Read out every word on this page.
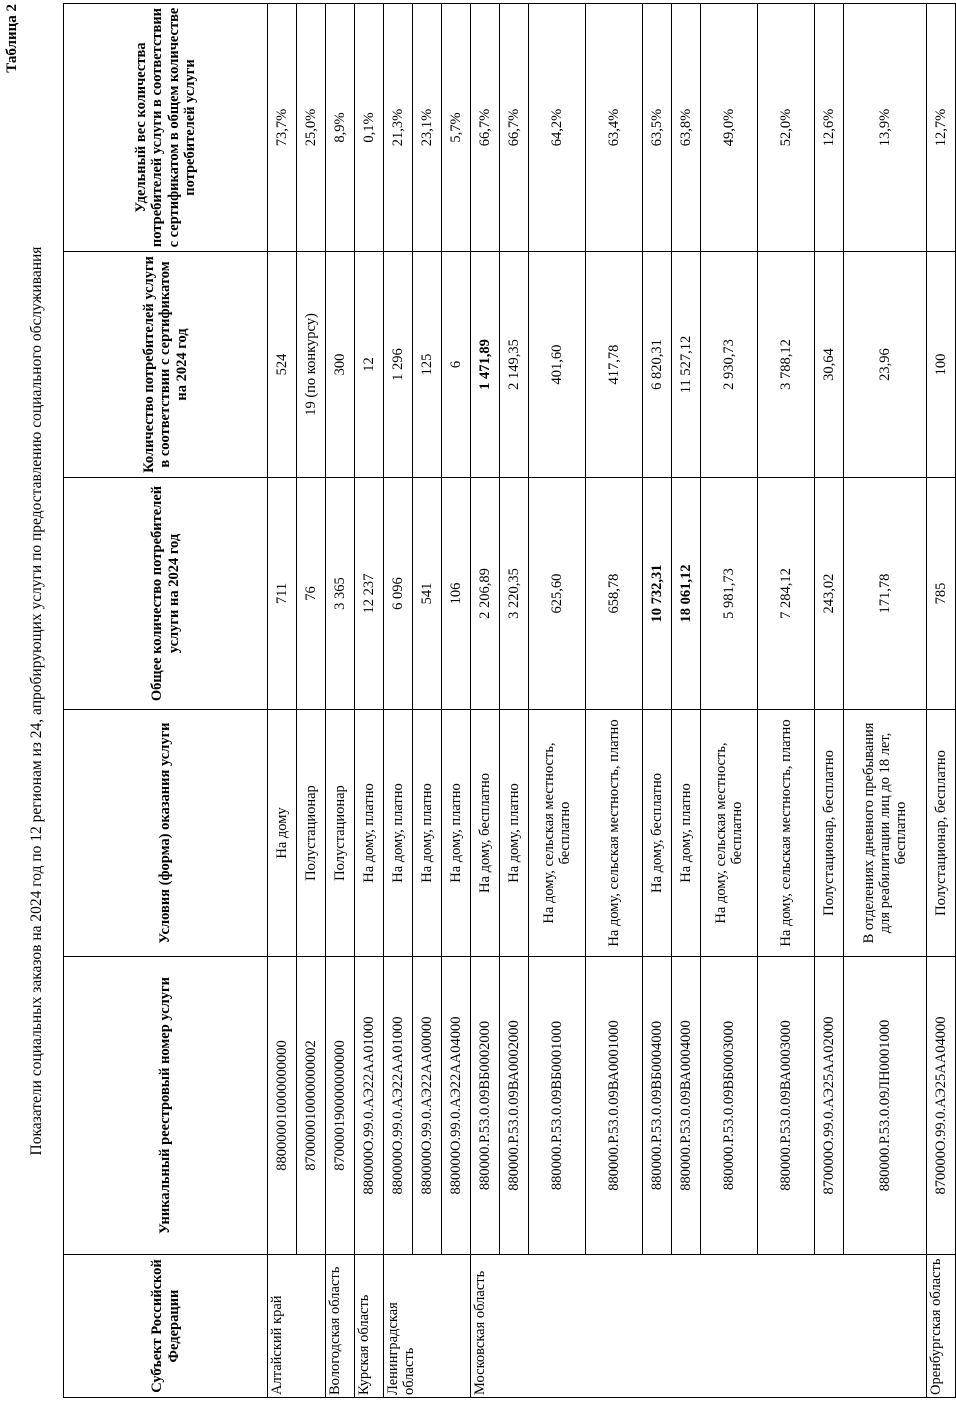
Таблица 2
Показатели социальных заказов на 2024 год по 12 регионам из 24, апробирующих услуги по предоставлению социального обслуживания
Субъект Российской Федерации	Уникальный реестровый номер услуги	Условия (форма) оказания услуги	Общее количество потребителей услуги на 2024 год	Количество потребителей услуги в соответствии с сертификатом на 2024 год	Удельный вес количества потребителей услуги в соответствии с сертификатом в общем количестве потребителей услуги
Алтайский край	880000010000000000	На дому	711	524	73,7%
	870000010000000002	Полустационар	76	19 (по конкурсу)	25,0%
Вологодская область	870000190000000000	Полустационар	3 365	300	8,9%
Курская область	880000О.99.0.АЭ22АА01000	На дому, платно	12 237	12	0,1%
Ленинградская область	880000О.99.0.АЭ22АА01000	На дому, платно	6 096	1 296	21,3%
	880000О.99.0.АЭ22АА00000	На дому, платно	541	125	23,1%
	880000О.99.0.АЭ22АА04000	На дому, платно	106	6	5,7%
Московская область	880000.Р.53.0.09ВБ0002000	На дому, бесплатно	2 206,89	1 471,89	66,7%
	880000.Р.53.0.09ВА0002000	На дому, платно	3 220,35	2 149,35	66,7%
	880000.Р.53.0.09ВБ0001000	На дому, сельская местность, бесплатно	625,60	401,60	64,2%
	880000.Р.53.0.09ВА0001000	На дому, сельская местность, платно	658,78	417,78	63,4%
	880000.Р.53.0.09ВБ0004000	На дому, бесплатно	10 732,31	6 820,31	63,5%
	880000.Р.53.0.09ВА0004000	На дому, платно	18 061,12	11 527,12	63,8%
	880000.Р.53.0.09ВБ0003000	На дому, сельская местность, бесплатно	5 981,73	2 930,73	49,0%
	880000.Р.53.0.09ВА0003000	На дому, сельская местность, платно	7 284,12	3 788,12	52,0%
	870000О.99.0.АЭ25АА02000	Полустационар, бесплатно	243,02	30,64	12,6%
	880000.Р.53.0.09ЛН0001000	В отделениях дневного пребывания для реабилитации лиц до 18 лет, бесплатно	171,78	23,96	13,9%
Оренбургская область	870000О.99.0.АЭ25АА04000	Полустационар, бесплатно	785	100	12,7%
